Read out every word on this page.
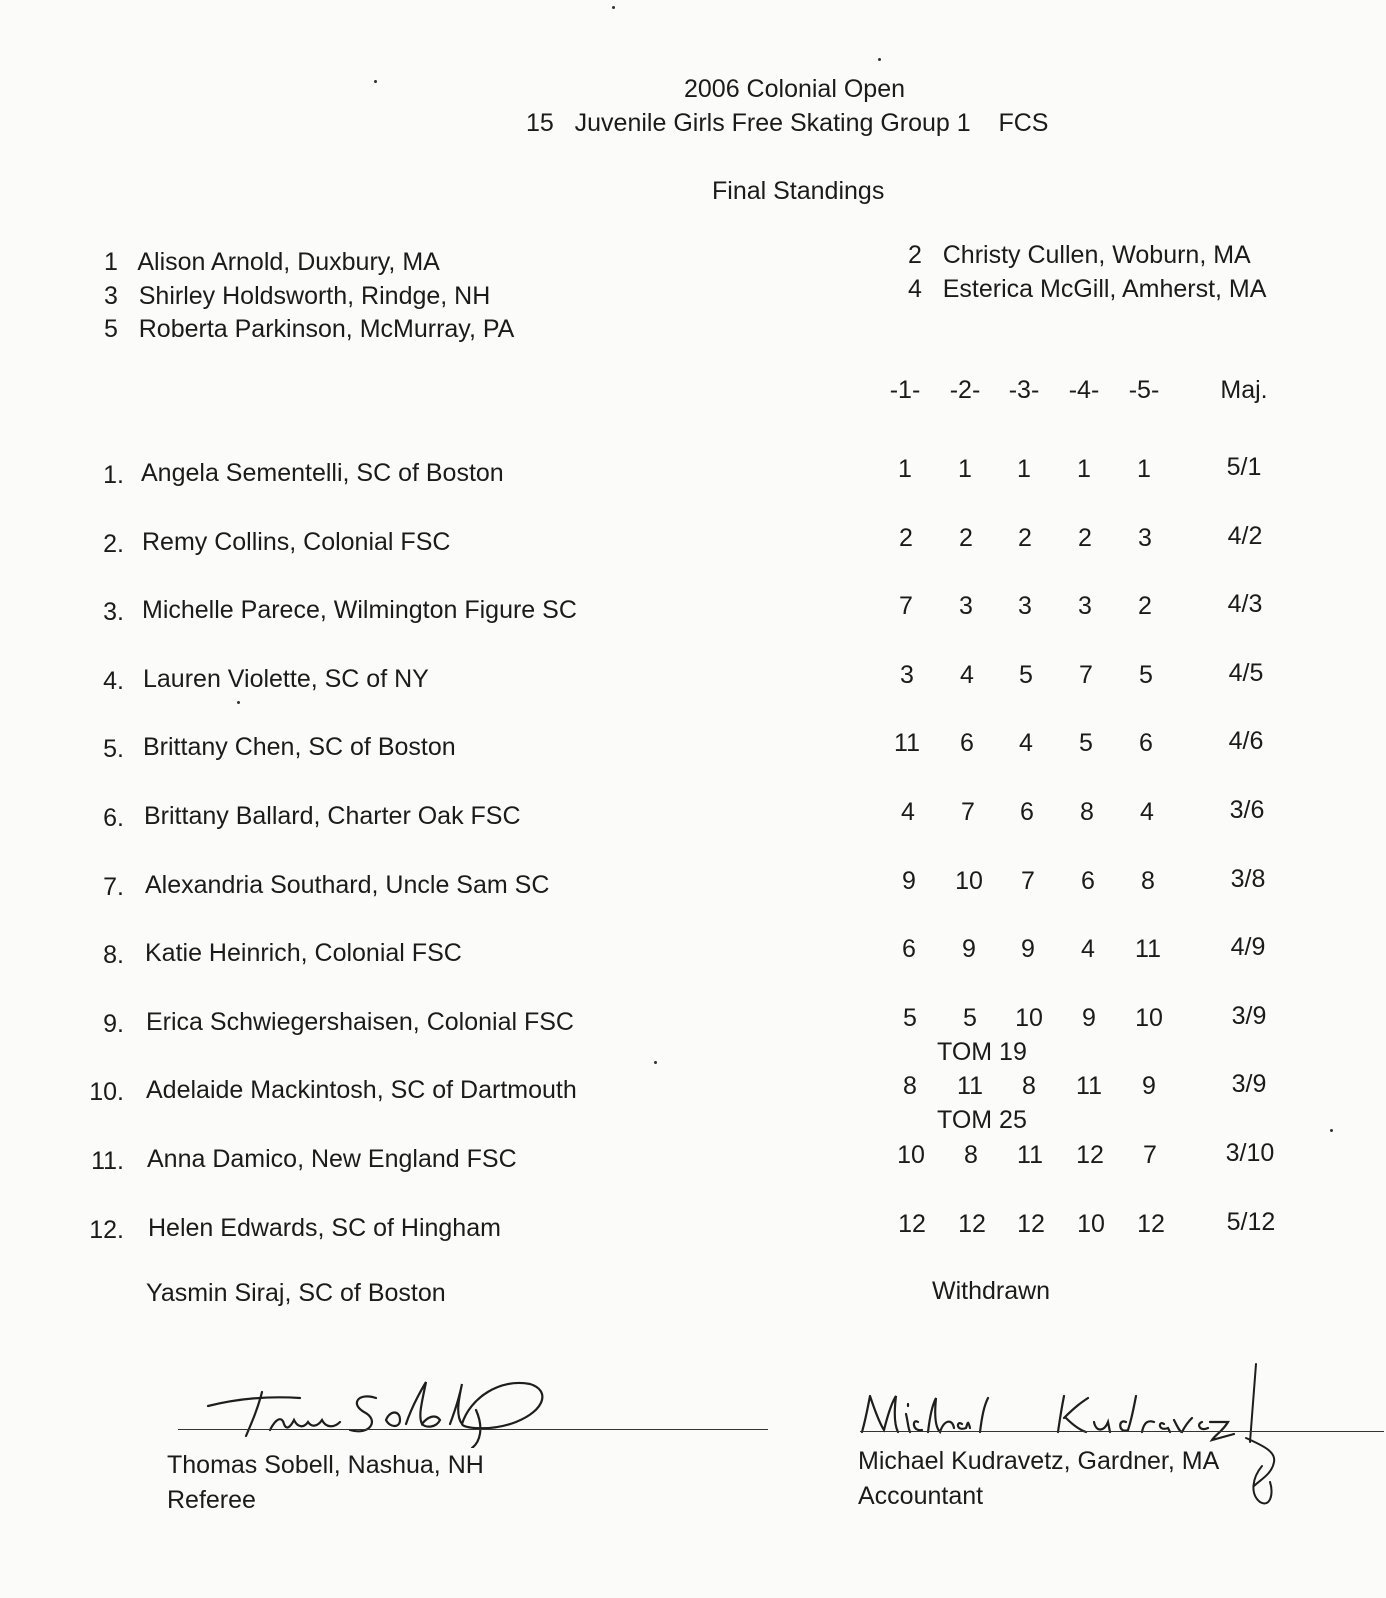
2006 Colonial Open
15 Juvenile Girls Free Skating Group 1 FCS
Final Standings
1 Alison Arnold, Duxbury, MA	2 Christy Cullen, Woburn, MA
3 Shirley Holdsworth, Rindge, NH	4 Esterica McGill, Amherst, MA
5 Roberta Parkinson, McMurray, PA
-1-	-2-	-3-	-4-	-5-	Maj.
1. Angela Sementelli, SC of Boston	1	1	1	1	1	5/1
2. Remy Collins, Colonial FSC	2	2	2	2	3	4/2
3. Michelle Parece, Wilmington Figure SC	7	3	3	3	2	4/3
4. Lauren Violette, SC of NY	3	4	5	7	5	4/5
5. Brittany Chen, SC of Boston	11	6	4	5	6	4/6
6. Brittany Ballard, Charter Oak FSC	4	7	6	8	4	3/6
7. Alexandria Southard, Uncle Sam SC	9	10	7	6	8	3/8
8. Katie Heinrich, Colonial FSC	6	9	9	4	11	4/9
9. Erica Schwiegershaisen, Colonial FSC	5	5	10	9	10	3/9
TOM 19
10. Adelaide Mackintosh, SC of Dartmouth	8	11	8	11	9	3/9
TOM 25
11. Anna Damico, New England FSC	10	8	11	12	7	3/10
12. Helen Edwards, SC of Hingham	12	12	12	10	12	5/12
Yasmin Siraj, SC of Boston	Withdrawn
Thomas Sobell, Nashua, NH
Referee
Michael Kudravetz, Gardner, MA
Accountant
